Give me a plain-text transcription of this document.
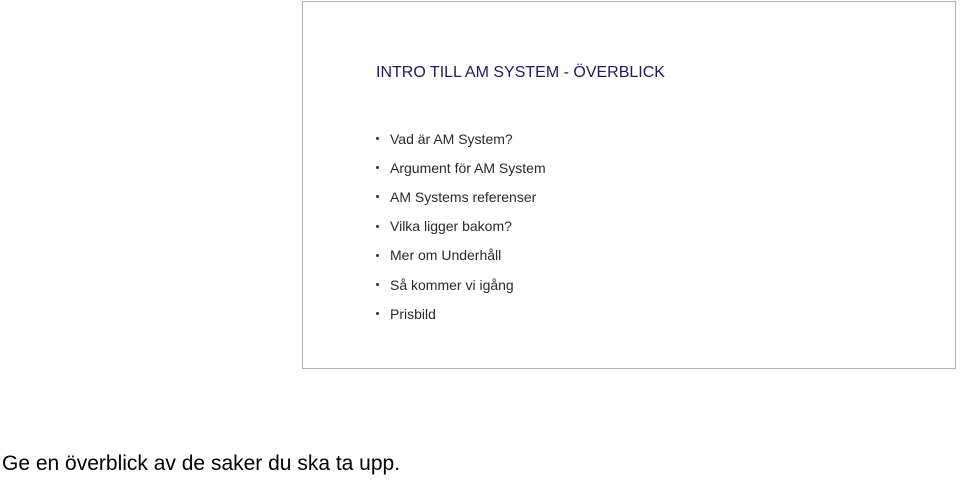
INTRO TILL AM SYSTEM - ÖVERBLICK
Vad är AM System?
Argument för AM System
AM Systems referenser
Vilka ligger bakom?
Mer om Underhåll
Så kommer vi igång
Prisbild

Ge en överblick av de saker du ska ta upp.
